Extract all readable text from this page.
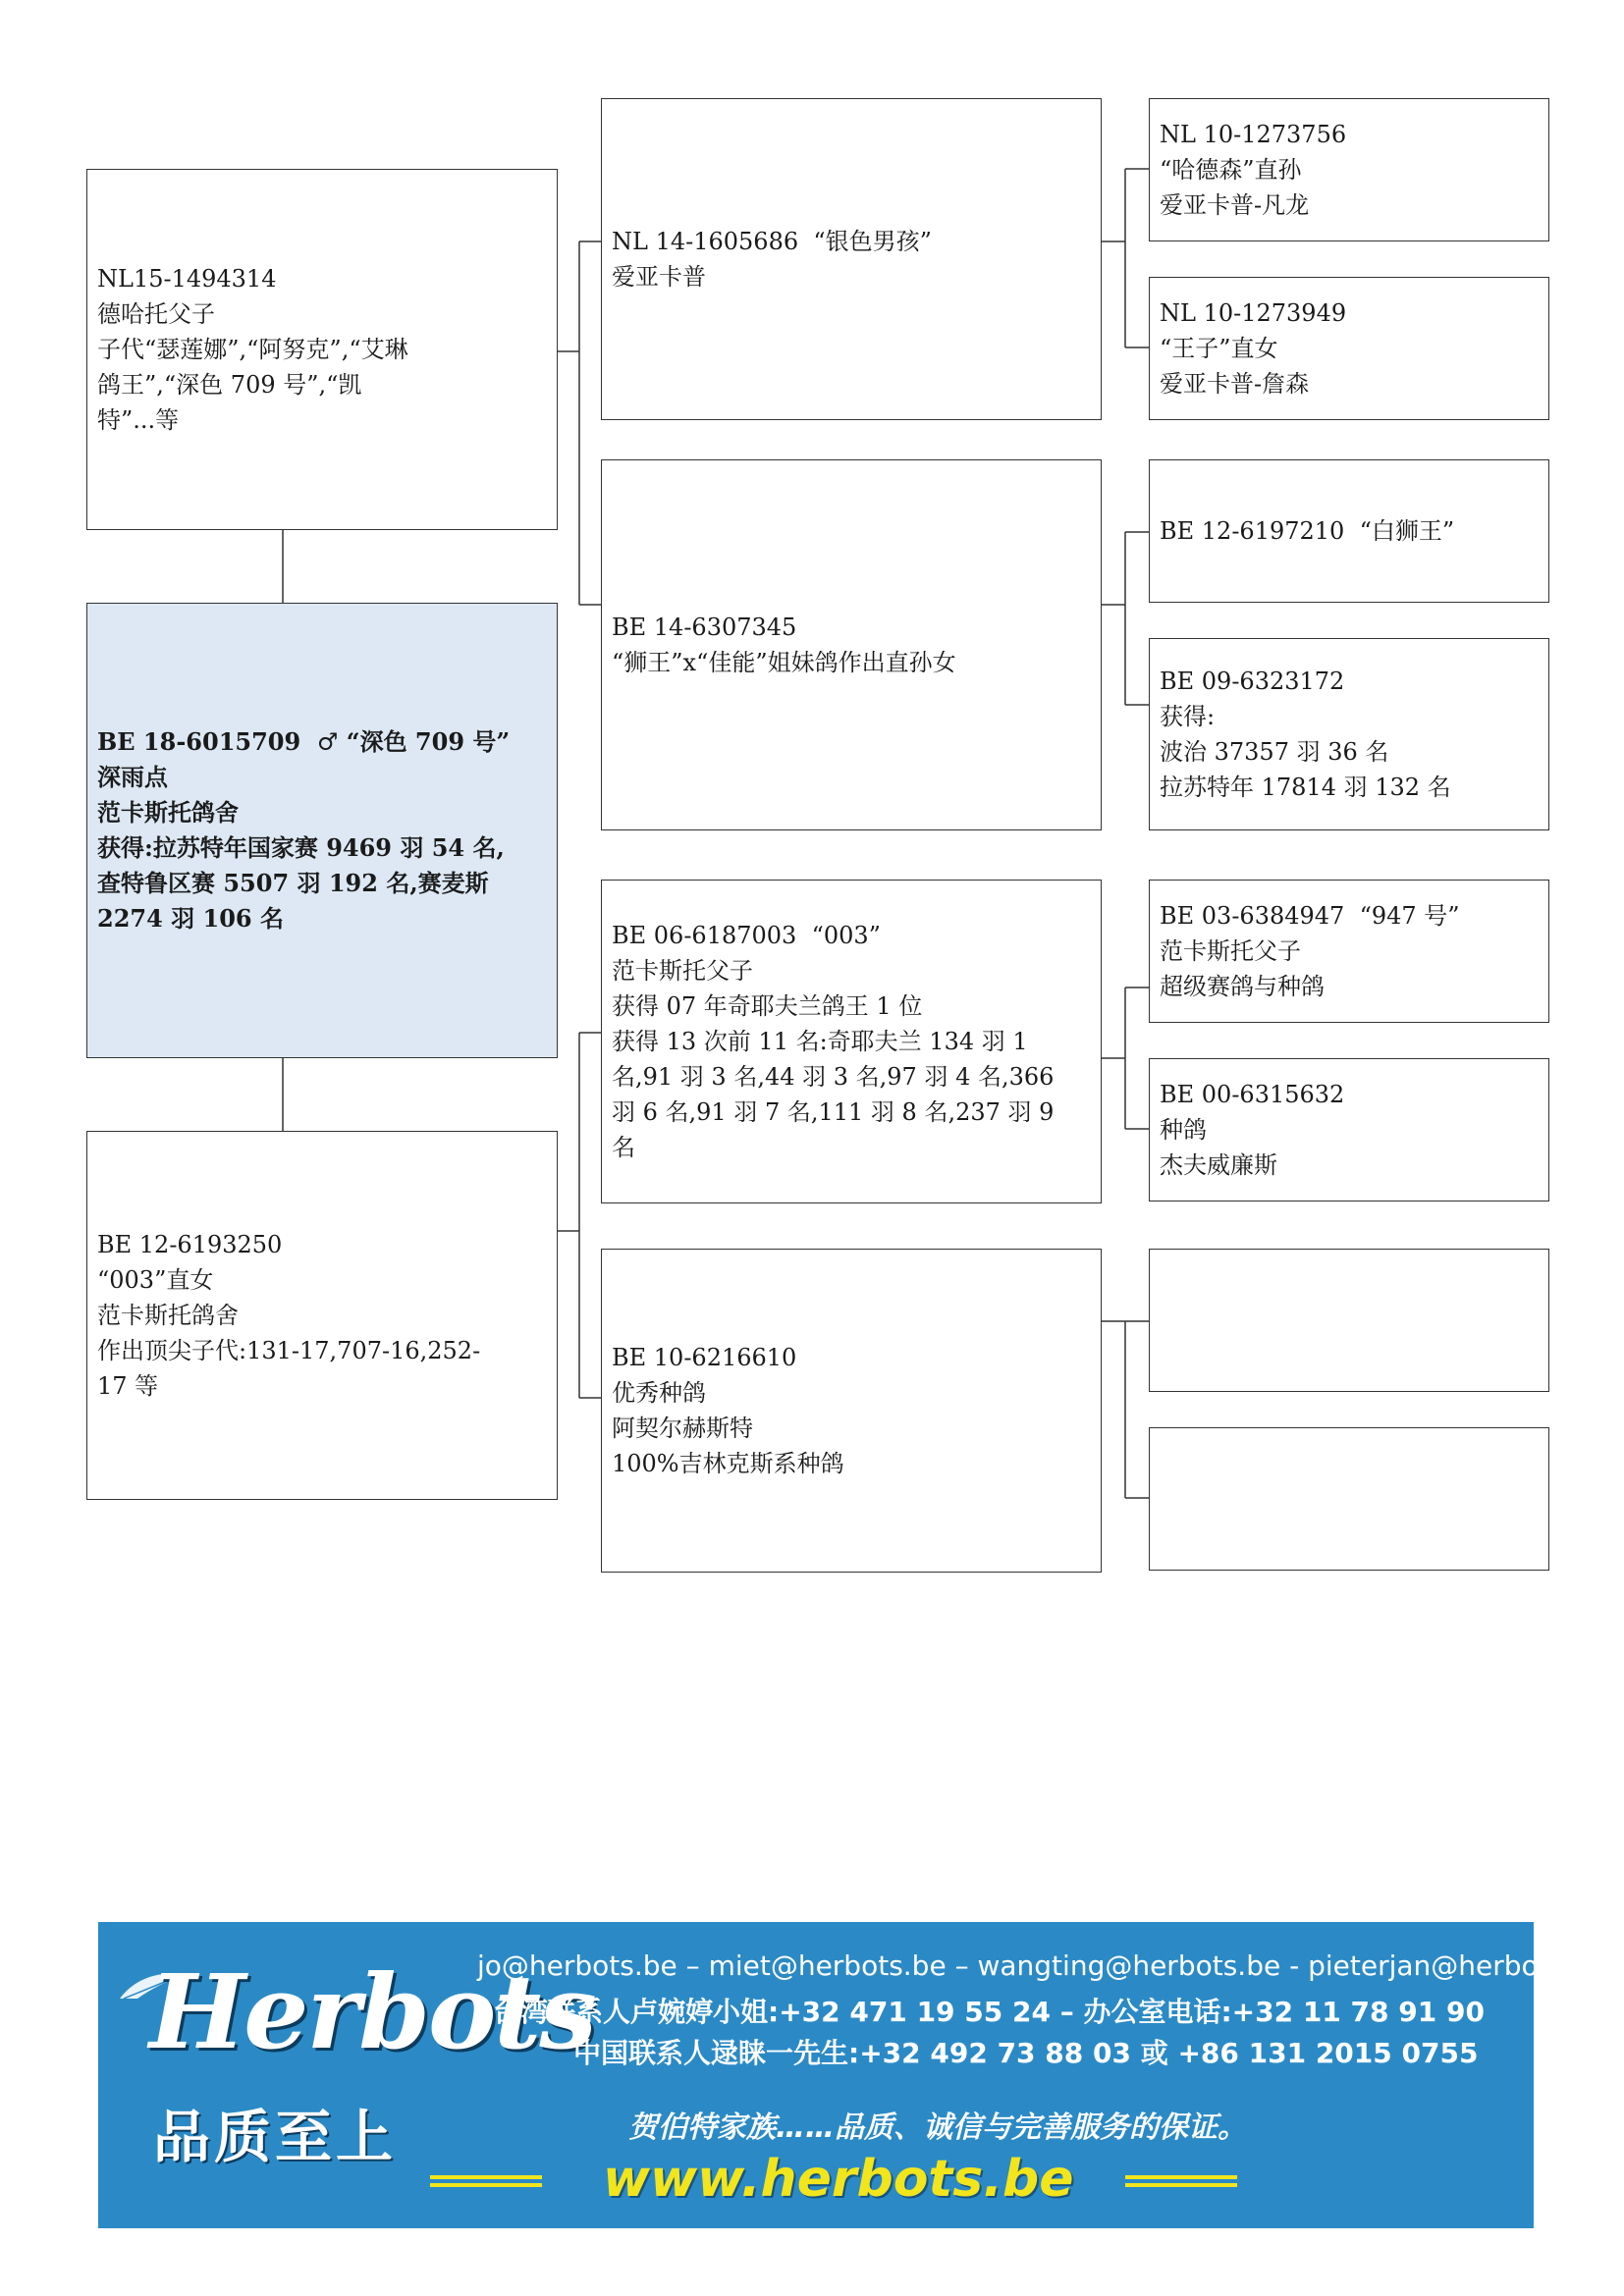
NL15-1494314
德哈托父子
子代“瑟莲娜”,“阿努克”,“艾琳
鸽王”,“深色 709 号”,“凯
特”...等
BE 18-6015709  ♂ “深色 709 号”
深雨点
范卡斯托鸽舍
获得:拉苏特年国家赛 9469 羽 54 名,
查特鲁区赛 5507 羽 192 名,赛麦斯
2274 羽 106 名
BE 12-6193250
“003”直女
范卡斯托鸽舍
作出顶尖子代:131-17,707-16,252-
17 等
NL 14-1605686  “银色男孩”
爱亚卡普
BE 14-6307345
“狮王”x“佳能”姐妹鸽作出直孙女
BE 06-6187003  “003”
范卡斯托父子
获得 07 年奇耶夫兰鸽王 1 位
获得 13 次前 11 名:奇耶夫兰 134 羽 1
名,91 羽 3 名,44 羽 3 名,97 羽 4 名,366
羽 6 名,91 羽 7 名,111 羽 8 名,237 羽 9
名
BE 10-6216610
优秀种鸽
阿契尔赫斯特
100%吉林克斯系种鸽
NL 10-1273756
“哈德森”直孙
爱亚卡普-凡龙
NL 10-1273949
“王子”直女
爱亚卡普-詹森
BE 12-6197210  “白狮王”
BE 09-6323172
获得:
波治 37357 羽 36 名
拉苏特年 17814 羽 132 名
BE 03-6384947  “947 号”
范卡斯托父子
超级赛鸽与种鸽
BE 00-6315632
种鸽
杰夫威廉斯
Herbots
品质至上
jo@herbots.be – miet@herbots.be – wangting@herbots.be - pieterjan@herbots.be
台湾联系人卢婉婷小姐:+32 471 19 55 24 – 办公室电话:+32 11 78 91 90
中国联系人逯睐一先生:+32 492 73 88 03 或 +86 131 2015 0755
贺伯特家族……品质、诚信与完善服务的保证。
www.herbots.be
